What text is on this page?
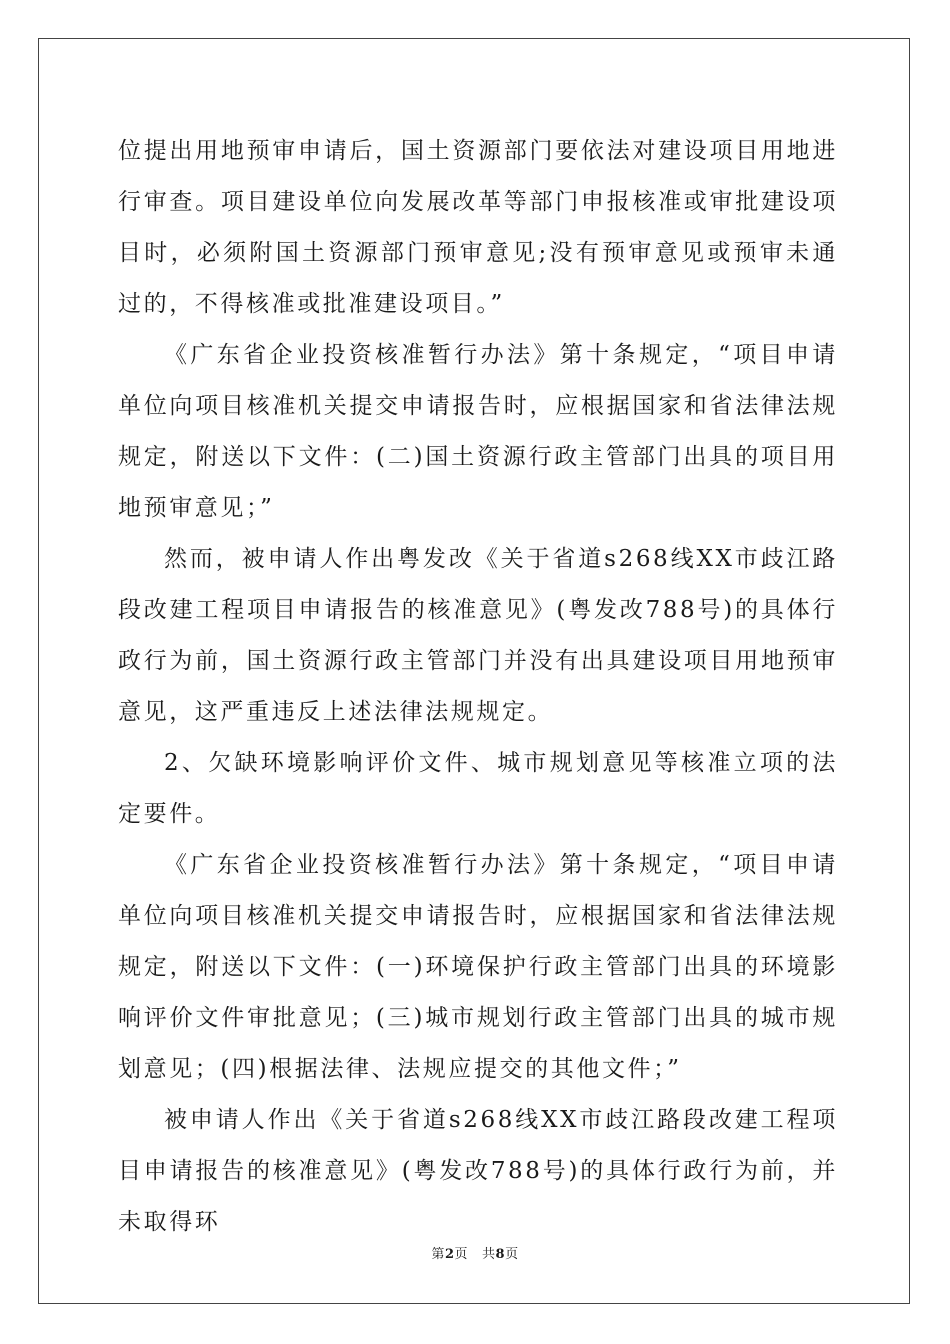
位提出用地预审申请后，国土资源部门要依法对建设项目用地进行审查。项目建设单位向发展改革等部门申报核准或审批建设项目时，必须附国土资源部门预审意见;没有预审意见或预审未通过的，不得核准或批准建设项目。”

《广东省企业投资核准暂行办法》第十条规定，“项目申请单位向项目核准机关提交申请报告时，应根据国家和省法律法规规定，附送以下文件：(二)国土资源行政主管部门出具的项目用地预审意见；”

然而，被申请人作出粤发改《关于省道s268线XX市歧江路段改建工程项目申请报告的核准意见》(粤发改788号)的具体行政行为前，国土资源行政主管部门并没有出具建设项目用地预审意见，这严重违反上述法律法规规定。

2、欠缺环境影响评价文件、城市规划意见等核准立项的法定要件。

《广东省企业投资核准暂行办法》第十条规定，“项目申请单位向项目核准机关提交申请报告时，应根据国家和省法律法规规定，附送以下文件：(一)环境保护行政主管部门出具的环境影响评价文件审批意见；(三)城市规划行政主管部门出具的城市规划意见；(四)根据法律、法规应提交的其他文件；”

被申请人作出《关于省道s268线XX市歧江路段改建工程项目申请报告的核准意见》(粤发改788号)的具体行政行为前，并未取得环

第2页 共8页
